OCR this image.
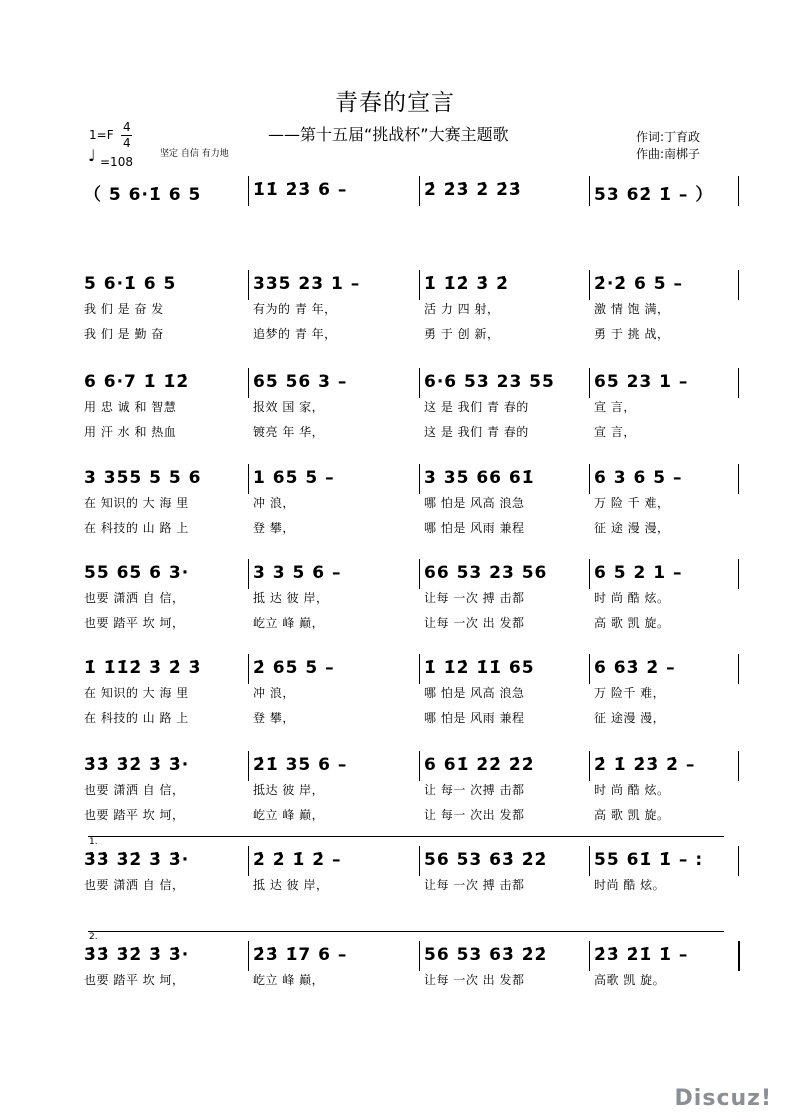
青春的宣言
——第十五届“挑战杯”大赛主题歌	作词:丁育政
作曲:南梆子
1=F
4
4
♩ =108
坚定 自信 有力地
（ 5 6·1̇ 6 5	1̇1̇ 2̇3̇ 6 –	2̇ 2̇3̇ 2̇ 2̇3̇	53 62̇ 1̇ – ）
5 6·1̇ 6 5
我 们 是 奋 发
我 们 是 勤 奋
335 23 1 –
有为的 青 年，
追梦的 青 年，
1̇ 1̇2̇ 3̇ 2̇
活 力 四 射，
勇 于 创 新，
2̇·2̇ 6 5 –
激 情 饱 满，
勇 于 挑 战，
6 6·7 1̇ 1̇2̇
用 忠 诚 和 智慧
用 汗 水 和 热血
65 56 3 –
报效 国 家，
镀亮 年 华，
6·6 53 23 55
这 是 我们 青 春的
这 是 我们 青 春的
65 23 1 –
宣 言，
宣 言，
3 355 5 5 6
在 知识的 大 海 里
在 科技的 山 路 上
1 65 5 –
冲 浪，
登 攀，
3 35 66 61̇
哪 怕是 风高 浪急
哪 怕是 风雨 兼程
6 3 6 5 –
万 险 千 难，
征 途 漫 漫，
55 65 6 3·
也要 潇洒 自 信，
也要 踏平 坎 坷，
3 3 5 6 –
抵 达 彼 岸，
屹立 峰 巅，
66 53 23 56
让每 一次 搏 击都
让每 一次 出 发都
6 5 2 1 –
时 尚 酷 炫。
高 歌 凯 旋。
1̇ 1̇1̇2̇ 3̇ 2̇ 3̇
在 知识的 大 海 里
在 科技的 山 路 上
2̇ 65 5 –
冲 浪，
登 攀，
1̇ 1̇2̇ 1̇1̇ 65
哪 怕是 风高 浪急
哪 怕是 风雨 兼程
6 63̇ 2̇ –
万 险千 难，
征 途漫 漫，
3̇3̇ 3̇2̇ 3̇ 3̇·
也要 潇洒 自 信，
也要 踏平 坎 坷，
2̇1̇ 35 6 –
抵达 彼 岸，
屹立 峰 巅，
6 61̇ 2̇2̇ 2̇2̇
让 每一 次搏 击都
让 每一 次出 发都
2̇ 1̇ 2̇3̇ 2̇ –
时 尚 酷 炫。
高 歌 凯 旋。
1.
3̇3̇ 3̇2̇ 3̇ 3̇·
也要 潇洒 自 信，
2̇ 2̇ 1̇ 2̇ –
抵 达 彼 岸，
56 53 63̇ 2̇2̇
让每 一次 搏 击都
55 61̇ 1̇ – :
时尚 酷 炫。
2.
3̇3̇ 3̇2̇ 3̇ 3̇·
也要 踏平 坎 坷，
2̇3̇ 1̇7 6 –
屹立 峰 巅，
56 53 63̇ 2̇2̇
让每 一次 出 发都
2̇3̇ 2̇1̇ 1̇ –
高歌 凯 旋。
Discuz!
